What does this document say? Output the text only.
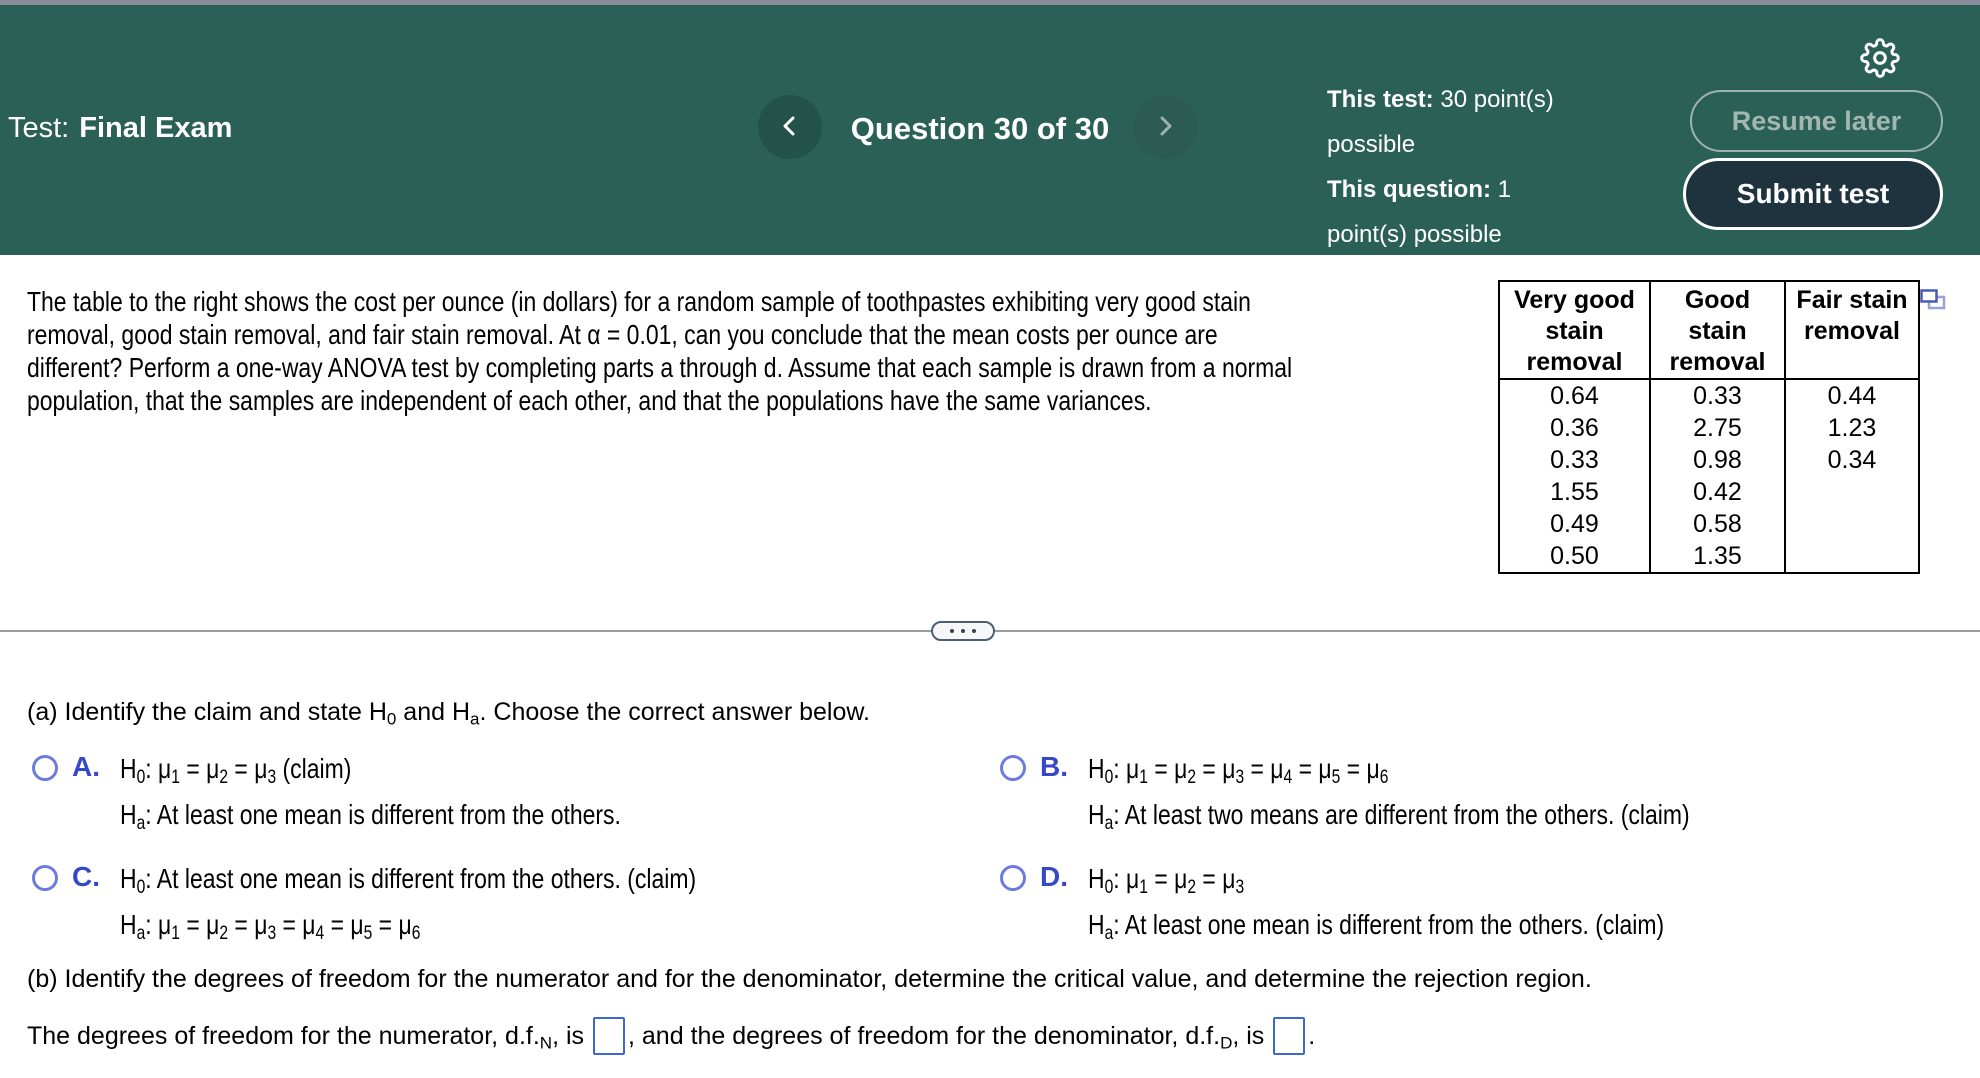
Test: Final Exam	Question 30 of 30
This test: 30 point(s)
possible
This question: 1
point(s) possible
Resume later
Submit test

The table to the right shows the cost per ounce (in dollars) for a random sample of toothpastes exhibiting very good stain removal, good stain removal, and fair stain removal. At α = 0.01, can you conclude that the mean costs per ounce are different? Perform a one-way ANOVA test by completing parts a through d. Assume that each sample is drawn from a normal population, that the samples are independent of each other, and that the populations have the same variances.

Very good
stain
removal	Good
stain
removal	Fair stain
removal
0.64	0.33	0.44
0.36	2.75	1.23
0.33	0.98	0.34
1.55	0.42	
0.49	0.58	
0.50	1.35	

(a) Identify the claim and state $H_0$ and $H_a$. Choose the correct answer below.

A. $H_0$: $\mu_1 = \mu_2 = \mu_3$ (claim)

$H_a$: At least one mean is different from the others.

B. $H_0$: $\mu_1 = \mu_2 = \mu_3 = \mu_4 = \mu_5 = \mu_6$

$H_a$: At least two means are different from the others. (claim)

C. $H_0$: At least one mean is different from the others. (claim)

$H_a$: $\mu_1 = \mu_2 = \mu_3 = \mu_4 = \mu_5 = \mu_6$

D. $H_0$: $\mu_1 = \mu_2 = \mu_3$

$H_a$: At least one mean is different from the others. (claim)

(b) Identify the degrees of freedom for the numerator and for the denominator, determine the critical value, and determine the rejection region.

The degrees of freedom for the numerator, $d.f._N$, is , and the degrees of freedom for the denominator, $d.f._D$, is .
